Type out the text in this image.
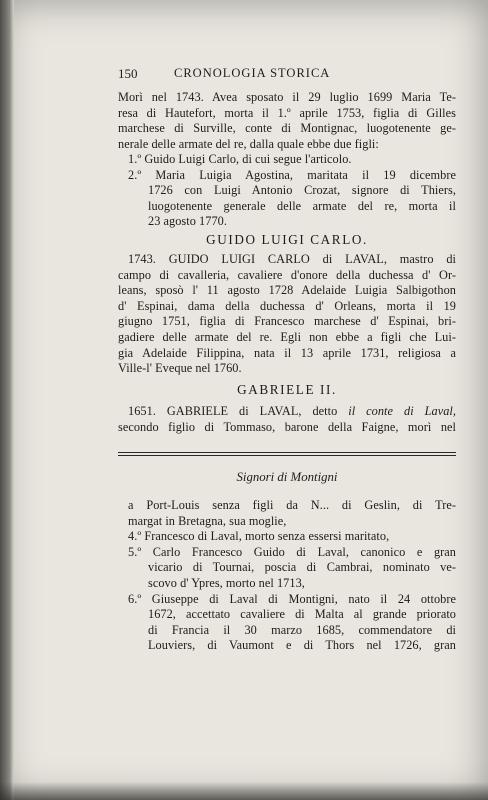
150	CRONOLOGIA STORICA
Morì nel 1743. Avea sposato il 29 luglio 1699 Maria Te-
resa di Hautefort, morta il 1.º aprile 1753, figlia di Gilles
marchese di Surville, conte di Montignac, luogotenente ge-
nerale delle armate del re, dalla quale ebbe due figli:
1.º Guido Luigi Carlo, di cui segue l'articolo.
2.º Maria Luigia Agostina, maritata il 19 dicembre
1726 con Luigi Antonio Crozat, signore di Thiers,
luogotenente generale delle armate del re, morta il
23 agosto 1770.
GUIDO LUIGI CARLO.
1743. GUIDO LUIGI CARLO di LAVAL, mastro di
campo di cavalleria, cavaliere d'onore della duchessa d' Or-
leans, sposò l' 11 agosto 1728 Adelaide Luigia Salbigothon
d' Espinai, dama della duchessa d' Orleans, morta il 19
giugno 1751, figlia di Francesco marchese d' Espinai, bri-
gadiere delle armate del re. Egli non ebbe a figli che Lui-
gia Adelaide Filippina, nata il 13 aprile 1731, religiosa a
Ville-l' Eveque nel 1760.
GABRIELE II.
1651. GABRIELE di LAVAL, detto il conte di Laval,
secondo figlio di Tommaso, barone della Faigne, morì nel
Signori di Montigni
a Port-Louis senza figli da N... di Geslin, di Tre-
margat in Bretagna, sua moglie,
4.º Francesco di Laval, morto senza essersi maritato,
5.º Carlo Francesco Guido di Laval, canonico e gran
vicario di Tournai, poscia di Cambrai, nominato ve-
scovo d' Ypres, morto nel 1713,
6.º Giuseppe di Laval di Montigni, nato il 24 ottobre
1672, accettato cavaliere di Malta al grande priorato
di Francia il 30 marzo 1685, commendatore di
Louviers, di Vaumont e di Thors nel 1726, gran
